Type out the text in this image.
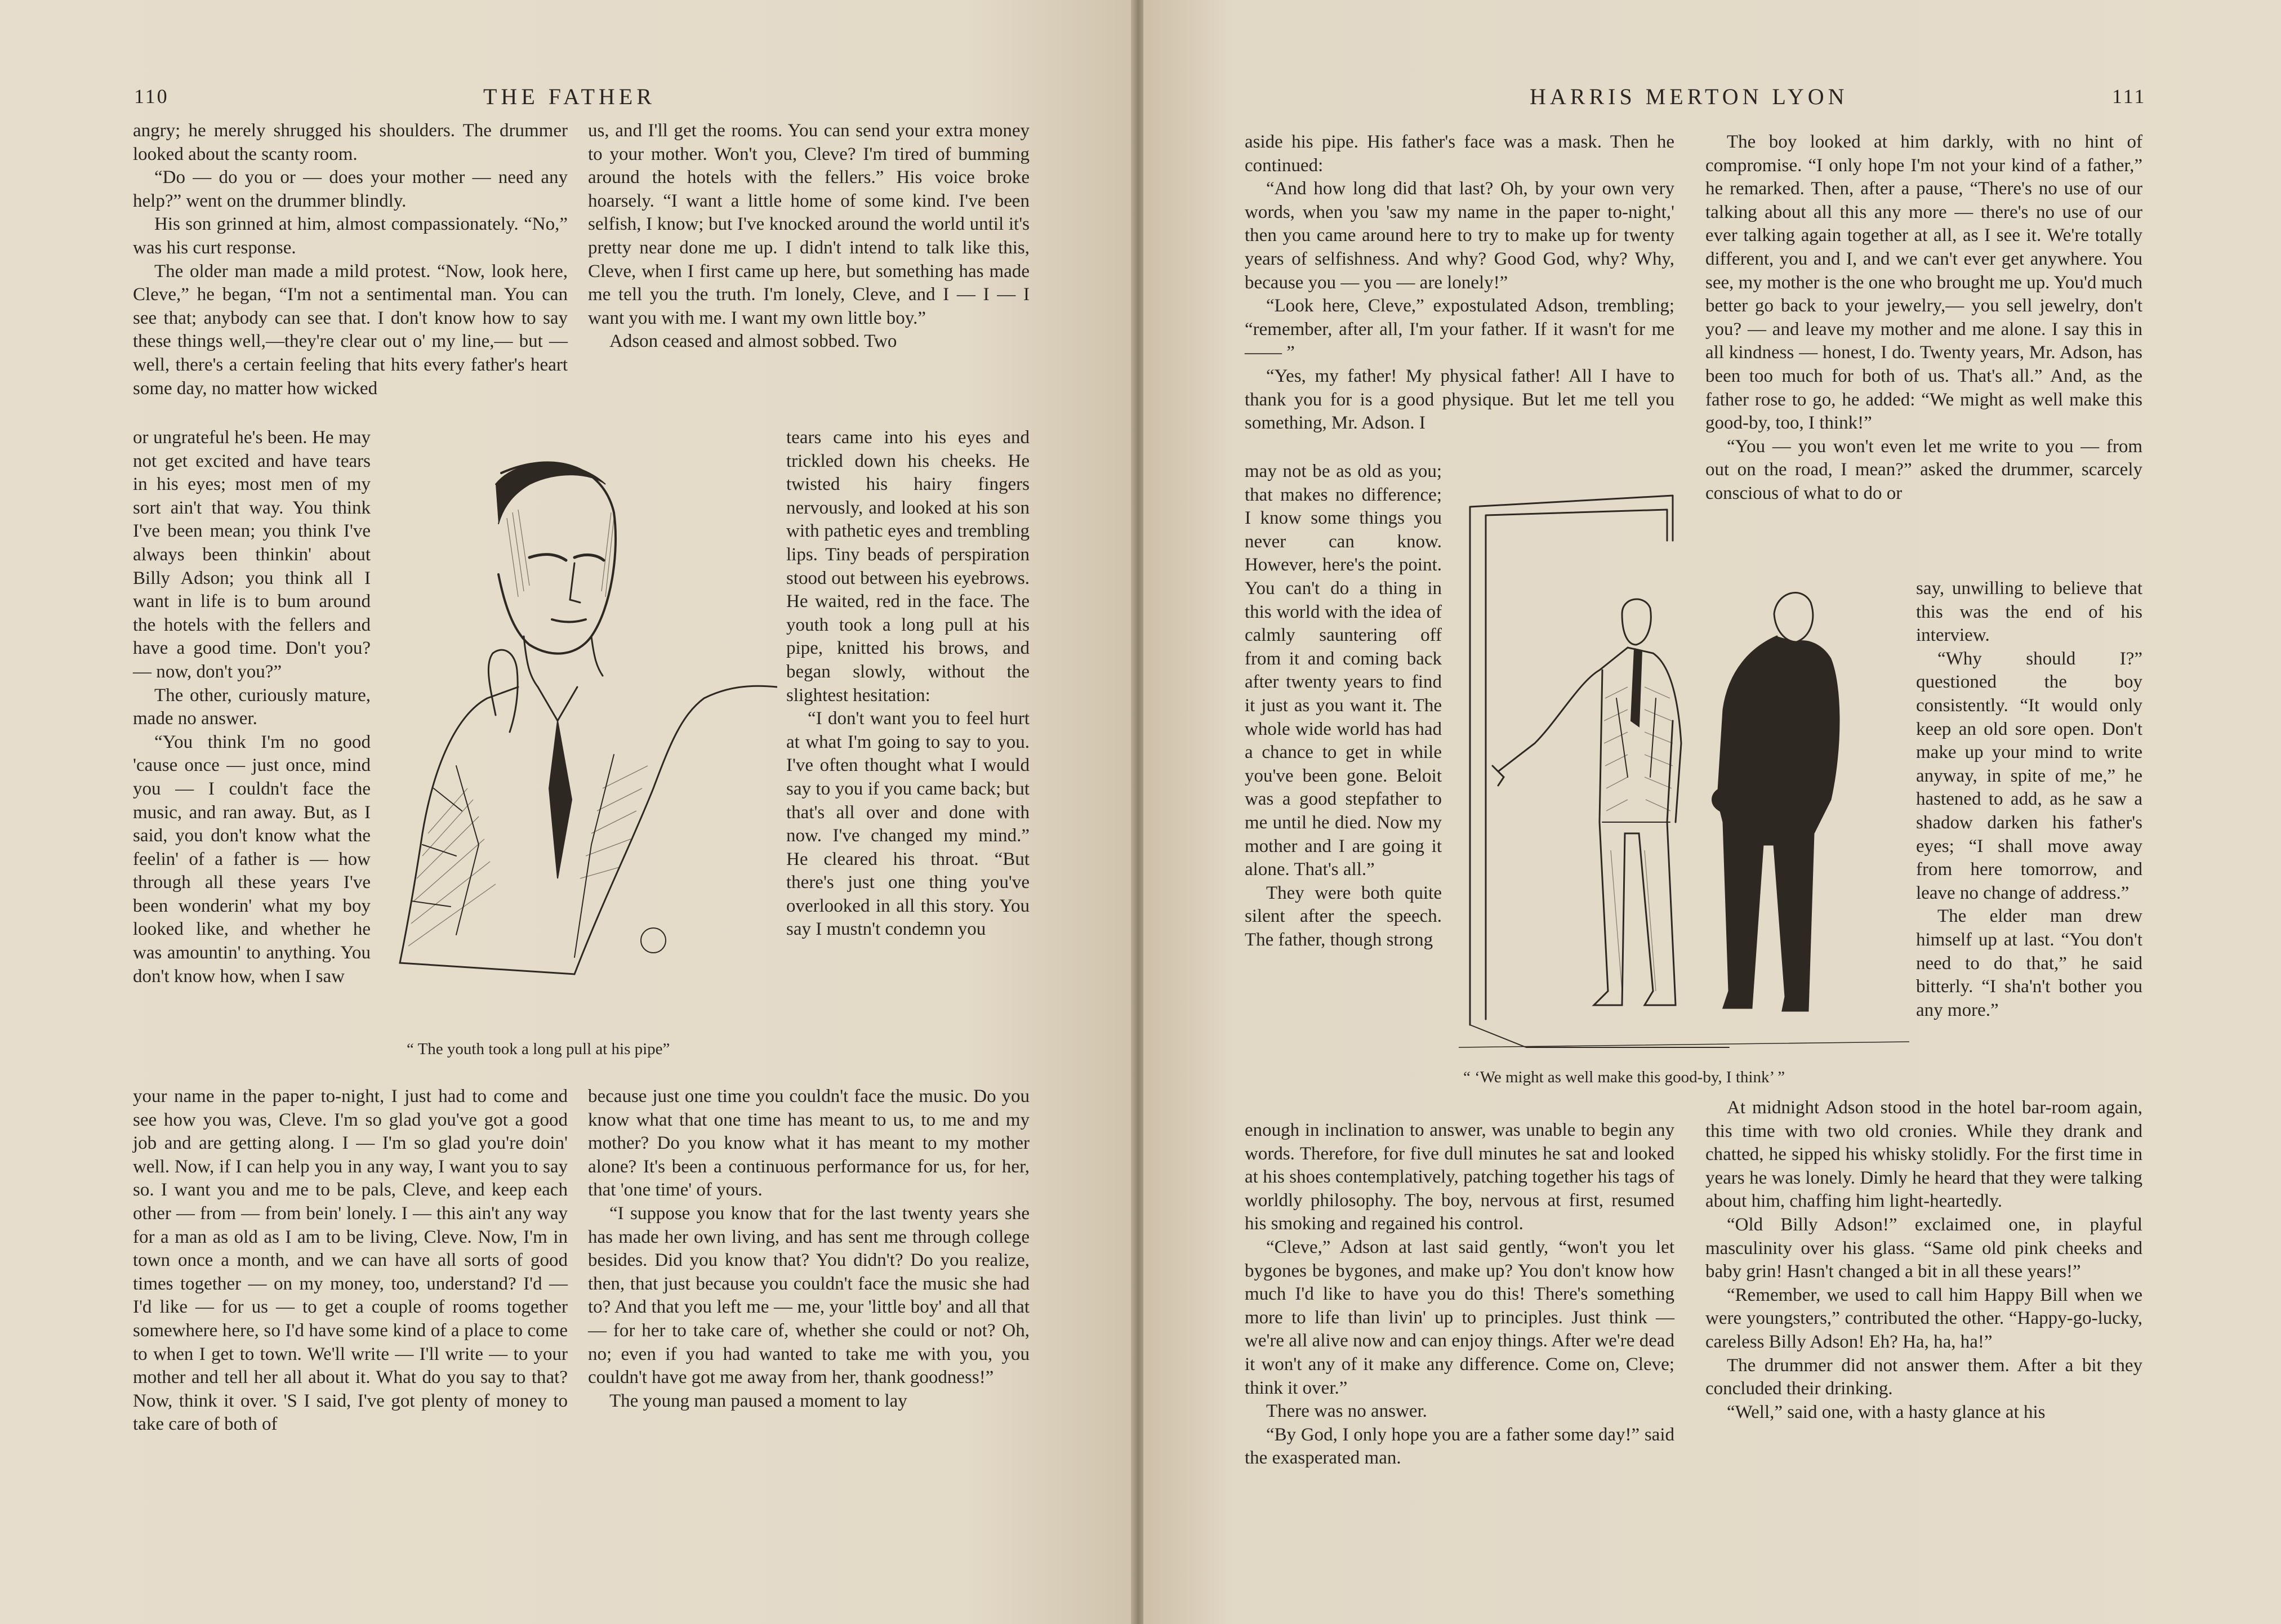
110	THE FATHER

angry; he merely shrugged his shoulders. The drummer looked about the scanty room.

“Do — do you or — does your mother — need any help?” went on the drummer blindly.

His son grinned at him, almost compassionately. “No,” was his curt response.

The older man made a mild protest. “Now, look here, Cleve,” he began, “I'm not a sentimental man. You can see that; anybody can see that. I don't know how to say these things well,—they're clear out o' my line,— but — well, there's a certain feeling that hits every father's heart some day, no matter how wicked

or ungrateful he's been. He may not get excited and have tears in his eyes; most men of my sort ain't that way. You think I've been mean; you think I've always been thinkin' about Billy Adson; you think all I want in life is to bum around the hotels with the fellers and have a good time. Don't you? — now, don't you?”

The other, curiously mature, made no answer.

“You think I'm no good 'cause once — just once, mind you — I couldn't face the music, and ran away. But, as I said, you don't know what the feelin' of a father is — how through all these years I've been wonderin' what my boy looked like, and whether he was amountin' to anything. You don't know how, when I saw

your name in the paper to-night, I just had to come and see how you was, Cleve. I'm so glad you've got a good job and are getting along. I — I'm so glad you're doin' well. Now, if I can help you in any way, I want you to say so. I want you and me to be pals, Cleve, and keep each other — from — from bein' lonely. I — this ain't any way for a man as old as I am to be living, Cleve. Now, I'm in town once a month, and we can have all sorts of good times together — on my money, too, understand? I'd — I'd like — for us — to get a couple of rooms together somewhere here, so I'd have some kind of a place to come to when I get to town. We'll write — I'll write — to your mother and tell her all about it. What do you say to that? Now, think it over. 'S I said, I've got plenty of money to take care of both of

us, and I'll get the rooms. You can send your extra money to your mother. Won't you, Cleve? I'm tired of bumming around the hotels with the fellers.” His voice broke hoarsely. “I want a little home of some kind. I've been selfish, I know; but I've knocked around the world until it's pretty near done me up. I didn't intend to talk like this, Cleve, when I first came up here, but something has made me tell you the truth. I'm lonely, Cleve, and I — I — I want you with me. I want my own little boy.”

Adson ceased and almost sobbed. Two

tears came into his eyes and trickled down his cheeks. He twisted his hairy fingers nervously, and looked at his son with pathetic eyes and trembling lips. Tiny beads of perspiration stood out between his eyebrows. He waited, red in the face. The youth took a long pull at his pipe, knitted his brows, and began slowly, without the slightest hesitation:

“I don't want you to feel hurt at what I'm going to say to you. I've often thought what I would say to you if you came back; but that's all over and done with now. I've changed my mind.” He cleared his throat. “But there's just one thing you've overlooked in all this story. You say I mustn't condemn you

because just one time you couldn't face the music. Do you know what that one time has meant to us, to me and my mother? Do you know what it has meant to my mother alone? It's been a continuous performance for us, for her, that 'one time' of yours.

“I suppose you know that for the last twenty years she has made her own living, and has sent me through college besides. Did you know that? You didn't? Do you realize, then, that just because you couldn't face the music she had to? And that you left me — me, your 'little boy' and all that — for her to take care of, whether she could or not? Oh, no; even if you had wanted to take me with you, you couldn't have got me away from her, thank goodness!”

The young man paused a moment to lay

“ The youth took a long pull at his pipe”
HARRIS MERTON LYON	111

aside his pipe. His father's face was a mask. Then he continued:

“And how long did that last? Oh, by your own very words, when you 'saw my name in the paper to-night,' then you came around here to try to make up for twenty years of selfishness. And why? Good God, why? Why, because you — you — are lonely!”

“Look here, Cleve,” expostulated Adson, trembling; “remember, after all, I'm your father. If it wasn't for me —— ”

“Yes, my father! My physical father! All I have to thank you for is a good physique. But let me tell you something, Mr. Adson. I

may not be as old as you; that makes no difference; I know some things you never can know. However, here's the point. You can't do a thing in this world with the idea of calmly sauntering off from it and coming back after twenty years to find it just as you want it. The whole wide world has had a chance to get in while you've been gone. Beloit was a good stepfather to me until he died. Now my mother and I are going it alone. That's all.”

They were both quite silent after the speech. The father, though strong

enough in inclination to answer, was unable to begin any words. Therefore, for five dull minutes he sat and looked at his shoes contemplatively, patching together his tags of worldly philosophy. The boy, nervous at first, resumed his smoking and regained his control.

“Cleve,” Adson at last said gently, “won't you let bygones be bygones, and make up? You don't know how much I'd like to have you do this! There's something more to life than livin' up to principles. Just think — we're all alive now and can enjoy things. After we're dead it won't any of it make any difference. Come on, Cleve; think it over.”

There was no answer.

“By God, I only hope you are a father some day!” said the exasperated man.

The boy looked at him darkly, with no hint of compromise. “I only hope I'm not your kind of a father,” he remarked. Then, after a pause, “There's no use of our talking about all this any more — there's no use of our ever talking again together at all, as I see it. We're totally different, you and I, and we can't ever get anywhere. You see, my mother is the one who brought me up. You'd much better go back to your jewelry,— you sell jewelry, don't you? — and leave my mother and me alone. I say this in all kindness — honest, I do. Twenty years, Mr. Adson, has been too much for both of us. That's all.” And, as the father rose to go, he added: “We might as well make this good-by, too, I think!”

“You — you won't even let me write to you — from out on the road, I mean?” asked the drummer, scarcely conscious of what to do or

say, unwilling to believe that this was the end of his interview.

“Why should I?” questioned the boy consistently. “It would only keep an old sore open. Don't make up your mind to write anyway, in spite of me,” he hastened to add, as he saw a shadow darken his father's eyes; “I shall move away from here tomorrow, and leave no change of address.”

The elder man drew himself up at last. “You don't need to do that,” he said bitterly. “I sha'n't bother you any more.”

At midnight Adson stood in the hotel bar-room again, this time with two old cronies. While they drank and chatted, he sipped his whisky stolidly. For the first time in years he was lonely. Dimly he heard that they were talking about him, chaffing him light-heartedly.

“Old Billy Adson!” exclaimed one, in playful masculinity over his glass. “Same old pink cheeks and baby grin! Hasn't changed a bit in all these years!”

“Remember, we used to call him Happy Bill when we were youngsters,” contributed the other. “Happy-go-lucky, careless Billy Adson! Eh? Ha, ha, ha!”

The drummer did not answer them. After a bit they concluded their drinking.

“Well,” said one, with a hasty glance at his

“ ‘We might as well make this good-by, I think’ ”
